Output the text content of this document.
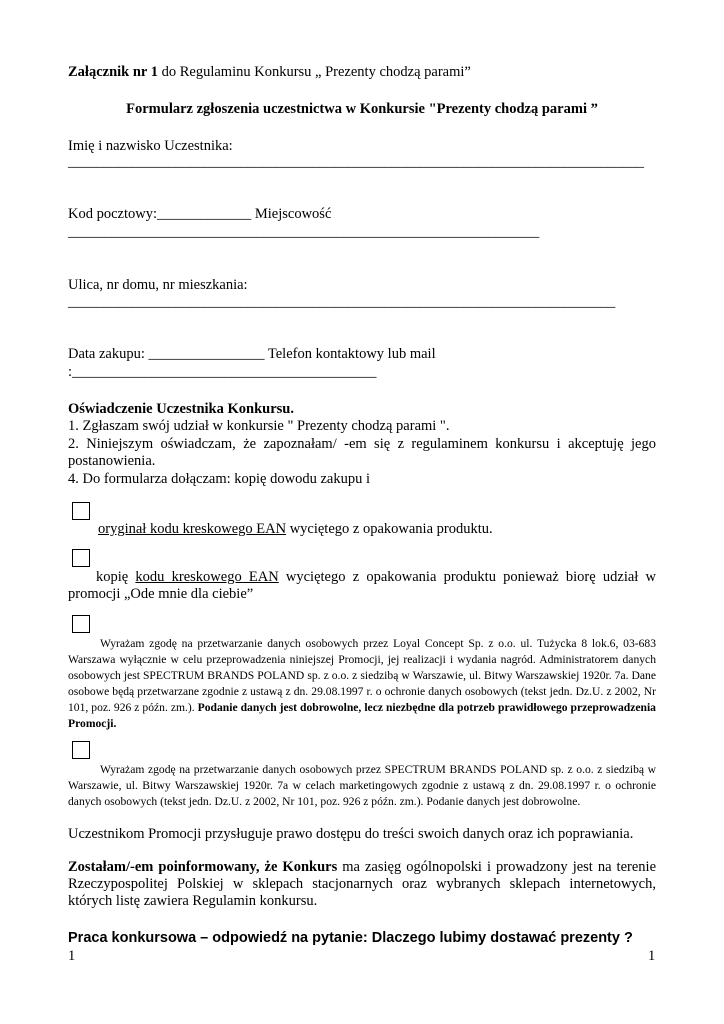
Załącznik nr 1 do Regulaminu Konkursu „ Prezenty chodzą parami”
Formularz zgłoszenia uczestnictwa w Konkursie "Prezenty chodzą parami ”
Imię i nazwisko Uczestnika:
________________________________________________________________________________
Kod pocztowy:_____________ Miejscowość
_________________________________________________________________
Ulica, nr domu, nr mieszkania:
____________________________________________________________________________
Data zakupu: ________________ Telefon kontaktowy lub mail
:__________________________________________
Oświadczenie Uczestnika Konkursu.
1. Zgłaszam swój udział w konkursie " Prezenty chodzą parami ".
2. Niniejszym oświadczam, że zapoznałam/ -em się z regulaminem konkursu i akceptuję jego postanowienia.
4. Do formularza dołączam: kopię dowodu zakupu i
oryginał kodu kreskowego EAN wyciętego z opakowania produktu.
kopię kodu kreskowego EAN wyciętego z opakowania produktu ponieważ biorę udział w promocji „Ode mnie dla ciebie”
Wyrażam zgodę na przetwarzanie danych osobowych przez Loyal Concept Sp. z o.o. ul. Tużycka 8 lok.6, 03-683 Warszawa wyłącznie w celu przeprowadzenia niniejszej Promocji, jej realizacji i wydania nagród. Administratorem danych osobowych jest SPECTRUM BRANDS POLAND sp. z o.o. z siedzibą w Warszawie, ul. Bitwy Warszawskiej 1920r. 7a. Dane osobowe będą przetwarzane zgodnie z ustawą z dn. 29.08.1997 r. o ochronie danych osobowych (tekst jedn. Dz.U. z 2002, Nr 101, poz. 926 z późn. zm.). Podanie danych jest dobrowolne, lecz niezbędne dla potrzeb prawidłowego przeprowadzenia Promocji.
Wyrażam zgodę na przetwarzanie danych osobowych przez SPECTRUM BRANDS POLAND sp. z o.o. z siedzibą w Warszawie, ul. Bitwy Warszawskiej 1920r. 7a w celach marketingowych zgodnie z ustawą z dn. 29.08.1997 r. o ochronie danych osobowych (tekst jedn. Dz.U. z 2002, Nr 101, poz. 926 z późn. zm.). Podanie danych jest dobrowolne.
Uczestnikom Promocji przysługuje prawo dostępu do treści swoich danych oraz ich poprawiania.
Zostałam/-em poinformowany, że Konkurs ma zasięg ogólnopolski i prowadzony jest na terenie Rzeczypospolitej Polskiej w sklepach stacjonarnych oraz wybranych sklepach internetowych, których listę zawiera Regulamin konkursu.
Praca konkursowa – odpowiedź na pytanie: Dlaczego lubimy dostawać prezenty ?
1	1
